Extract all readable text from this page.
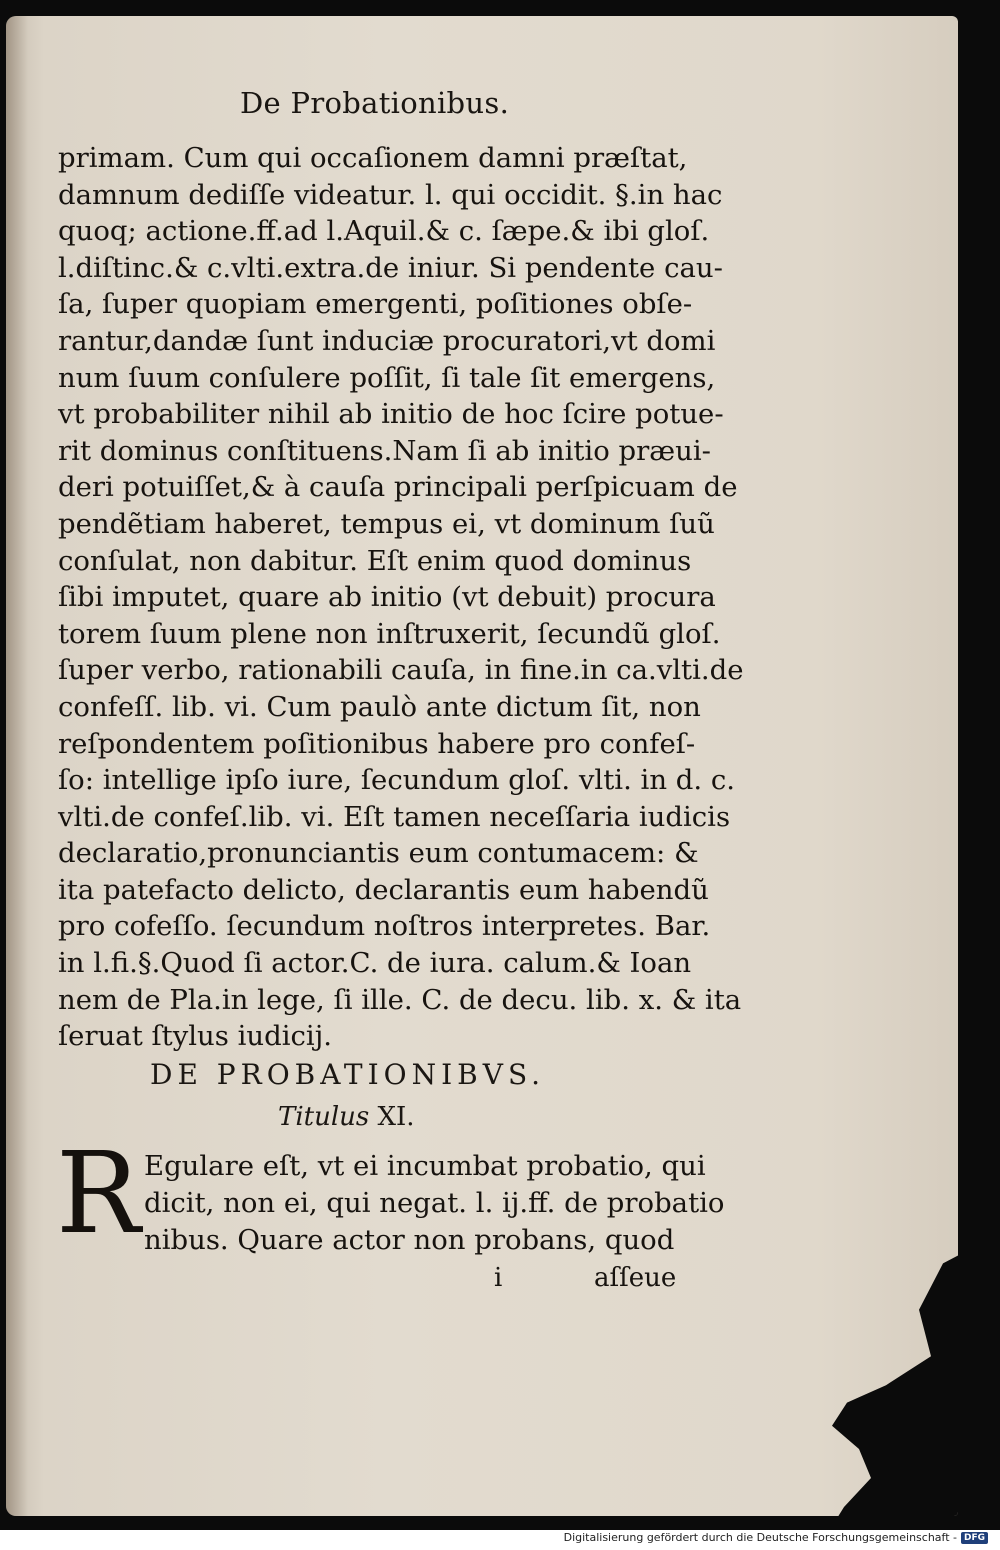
De Probationibus.
primam. Cum qui occaſionem damni præſtat,
damnum dediſſe videatur. l. qui occidit. §.in hac
quoq; actione.ff.ad l.Aquil.& c. ſæpe.& ibi gloſ.
l.diſtinc.& c.vlti.extra.de iniur. Si pendente cau-
ſa, ſuper quopiam emergenti, poſitiones obſe-
rantur,dandæ ſunt induciæ procuratori,vt domi
num ſuum conſulere poſſit, ſi tale ſit emergens,
vt probabiliter nihil ab initio de hoc ſcire potue-
rit dominus conſtituens.Nam ſi ab initio præui-
deri potuiſſet,& à cauſa principali perſpicuam de
pendẽtiam haberet, tempus ei, vt dominum ſuũ
conſulat, non dabitur. Eſt enim quod dominus
ſibi imputet, quare ab initio (vt debuit) procura
torem ſuum plene non inſtruxerit, ſecundũ gloſ.
ſuper verbo, rationabili cauſa, in fine.in ca.vlti.de
confeſſ. lib. vi. Cum paulò ante dictum ſit, non
reſpondentem poſitionibus habere pro confeſ-
ſo: intellige ipſo iure, ſecundum gloſ. vlti. in d. c.
vlti.de confeſ.lib. vi. Eſt tamen neceſſaria iudicis
declaratio,pronunciantis eum contumacem: &
ita patefacto delicto, declarantis eum habendũ
pro cofeſſo. ſecundum noſtros interpretes. Bar.
in l.fi.§.Quod ſi actor.C. de iura. calum.& Ioan
nem de Pla.in lege, ſi ille. C. de decu. lib. x. & ita
ſeruat ſtylus iudicij.
DE PROBATIONIBVS.
Titulus XI.
R Egulare eſt, vt ei incumbat probatio, qui
dicit, non ei, qui negat. l. ij.ff. de probatio
nibus. Quare actor non probans, quod
i	aſſeue
Digitalisierung gefördert durch die Deutsche Forschungsgemeinschaft - DFG
